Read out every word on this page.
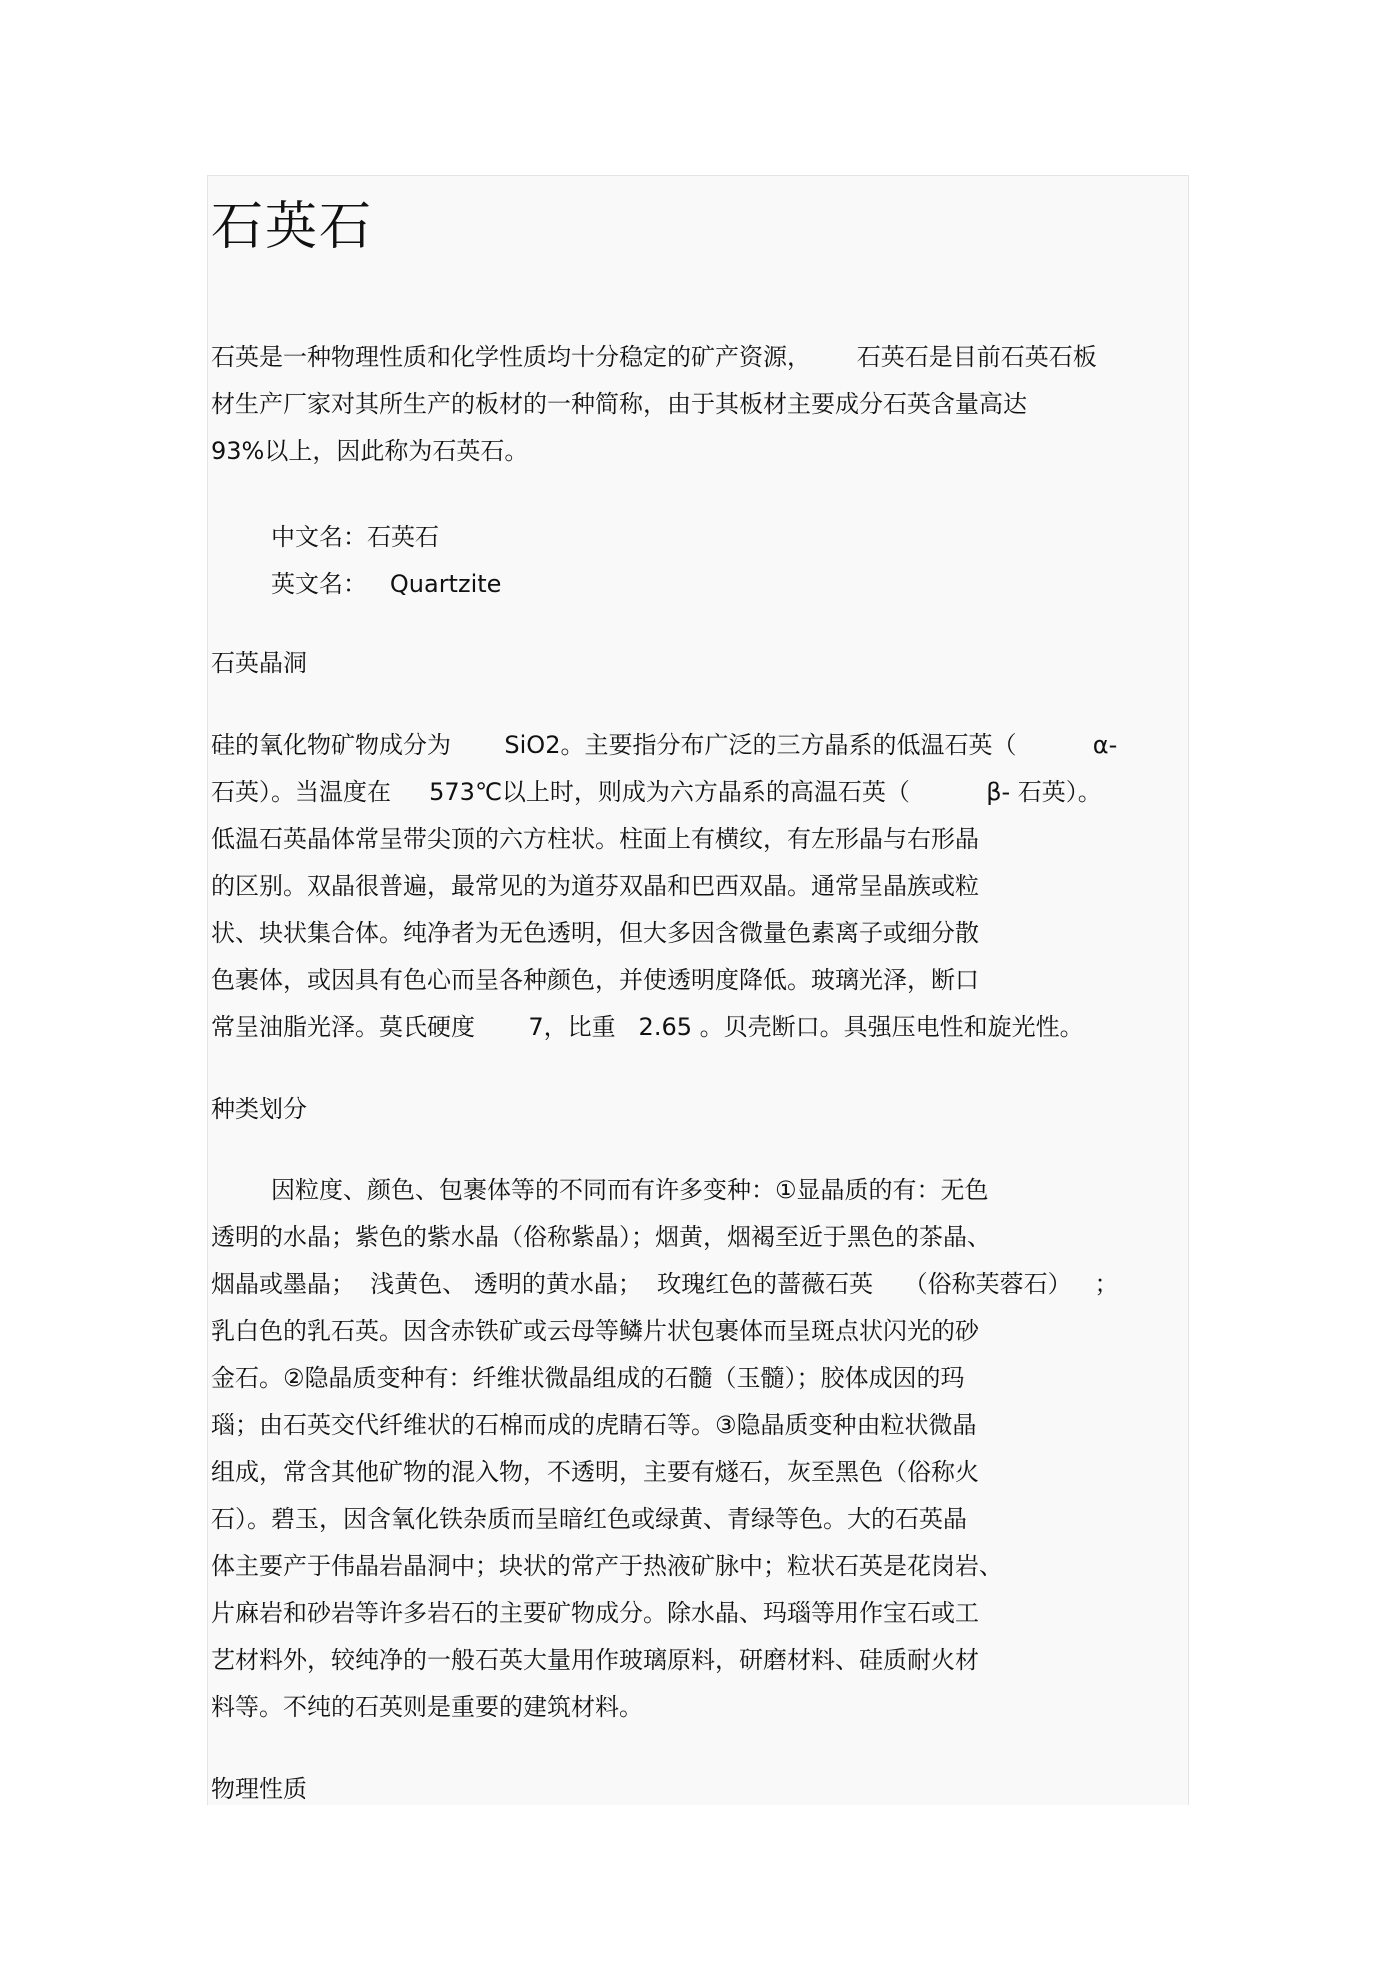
石英石
石英是一种物理性质和化学性质均十分稳定的矿产资源，      石英石是目前石英石板
材生产厂家对其所生产的板材的一种简称，由于其板材主要成分石英含量高达
93%以上，因此称为石英石。
中文名：石英石
英文名：   Quartzite
石英晶洞
硅的氧化物矿物成分为       SiO2。主要指分布广泛的三方晶系的低温石英（          α-
石英）。当温度在     573℃以上时，则成为六方晶系的高温石英（          β- 石英）。
低温石英晶体常呈带尖顶的六方柱状。柱面上有横纹，有左形晶与右形晶
的区别。双晶很普遍，最常见的为道芬双晶和巴西双晶。通常呈晶族或粒
状、块状集合体。纯净者为无色透明，但大多因含微量色素离子或细分散
色裹体，或因具有色心而呈各种颜色，并使透明度降低。玻璃光泽，断口
常呈油脂光泽。莫氏硬度       7，比重   2.65 。贝壳断口。具强压电性和旋光性。
种类划分
因粒度、颜色、包裹体等的不同而有许多变种：①显晶质的有：无色
透明的水晶；紫色的紫水晶（俗称紫晶）；烟黄，烟褐至近于黑色的茶晶、
烟晶或墨晶；  浅黄色、 透明的黄水晶；  玫瑰红色的蔷薇石英    （俗称芙蓉石）   ；
乳白色的乳石英。因含赤铁矿或云母等鳞片状包裹体而呈斑点状闪光的砂
金石。②隐晶质变种有：纤维状微晶组成的石髓（玉髓）；胶体成因的玛
瑙；由石英交代纤维状的石棉而成的虎睛石等。③隐晶质变种由粒状微晶
组成，常含其他矿物的混入物，不透明，主要有燧石，灰至黑色（俗称火
石）。碧玉，因含氧化铁杂质而呈暗红色或绿黄、青绿等色。大的石英晶
体主要产于伟晶岩晶洞中；块状的常产于热液矿脉中；粒状石英是花岗岩、
片麻岩和砂岩等许多岩石的主要矿物成分。除水晶、玛瑙等用作宝石或工
艺材料外，较纯净的一般石英大量用作玻璃原料，研磨材料、硅质耐火材
料等。不纯的石英则是重要的建筑材料。
物理性质
